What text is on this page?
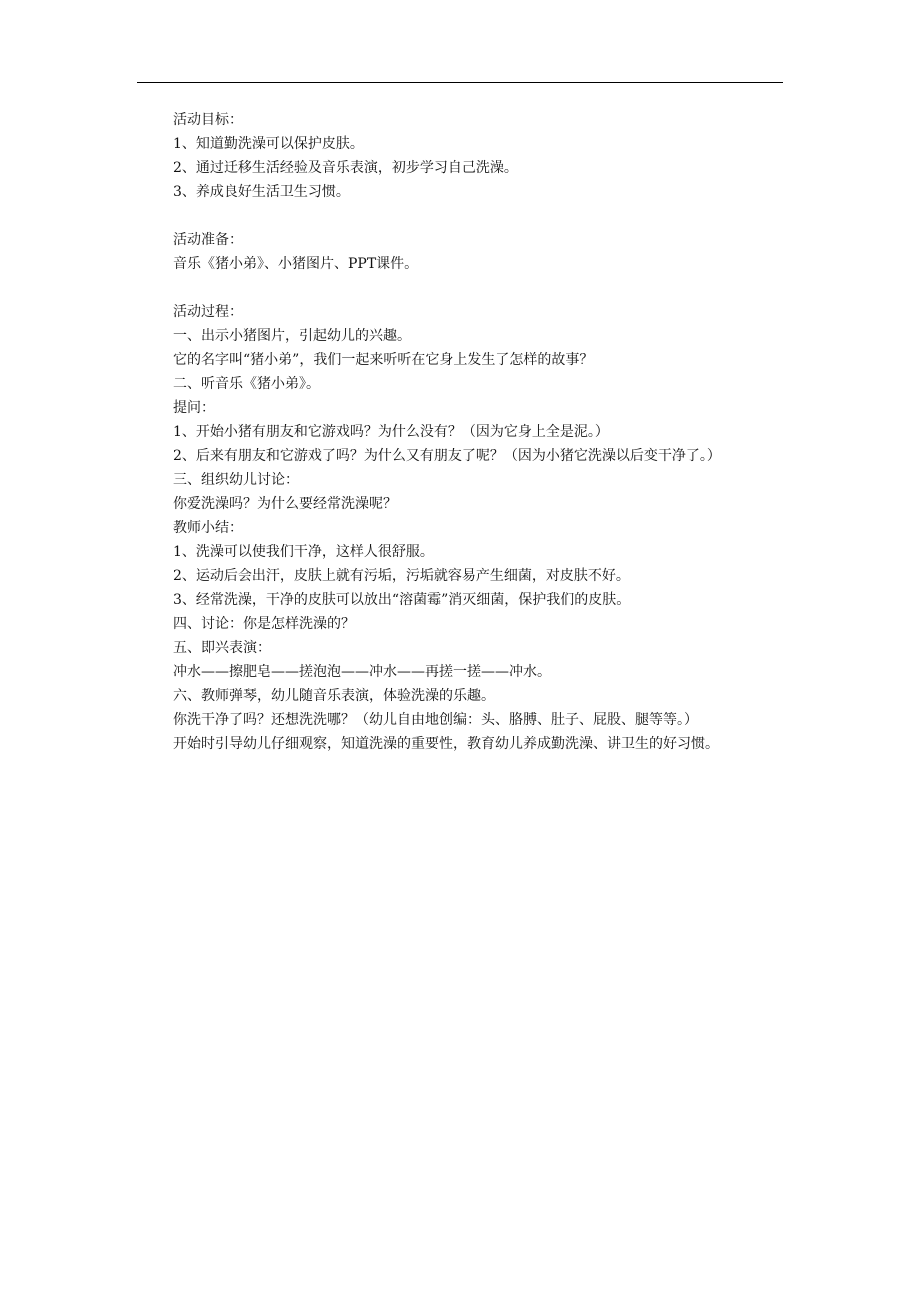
活动目标：

1、知道勤洗澡可以保护皮肤。

2、通过迁移生活经验及音乐表演，初步学习自己洗澡。

3、养成良好生活卫生习惯。

活动准备：

音乐《猪小弟》、小猪图片、PPT课件。

活动过程：

一、出示小猪图片，引起幼儿的兴趣。

它的名字叫“猪小弟”，我们一起来听听在它身上发生了怎样的故事？

二、听音乐《猪小弟》。

提问：

1、开始小猪有朋友和它游戏吗？为什么没有？（因为它身上全是泥。）

2、后来有朋友和它游戏了吗？为什么又有朋友了呢？（因为小猪它洗澡以后变干净了。）

三、组织幼儿讨论：

你爱洗澡吗？为什么要经常洗澡呢？

教师小结：

1、洗澡可以使我们干净，这样人很舒服。

2、运动后会出汗，皮肤上就有污垢，污垢就容易产生细菌，对皮肤不好。

3、经常洗澡，干净的皮肤可以放出“溶菌霉”消灭细菌，保护我们的皮肤。

四、讨论：你是怎样洗澡的？

五、即兴表演：

冲水——擦肥皂——搓泡泡——冲水——再搓一搓——冲水。

六、教师弹琴，幼儿随音乐表演，体验洗澡的乐趣。

你洗干净了吗？还想洗洗哪？（幼儿自由地创编：头、胳膊、肚子、屁股、腿等等。）

开始时引导幼儿仔细观察，知道洗澡的重要性，教育幼儿养成勤洗澡、讲卫生的好习惯。
